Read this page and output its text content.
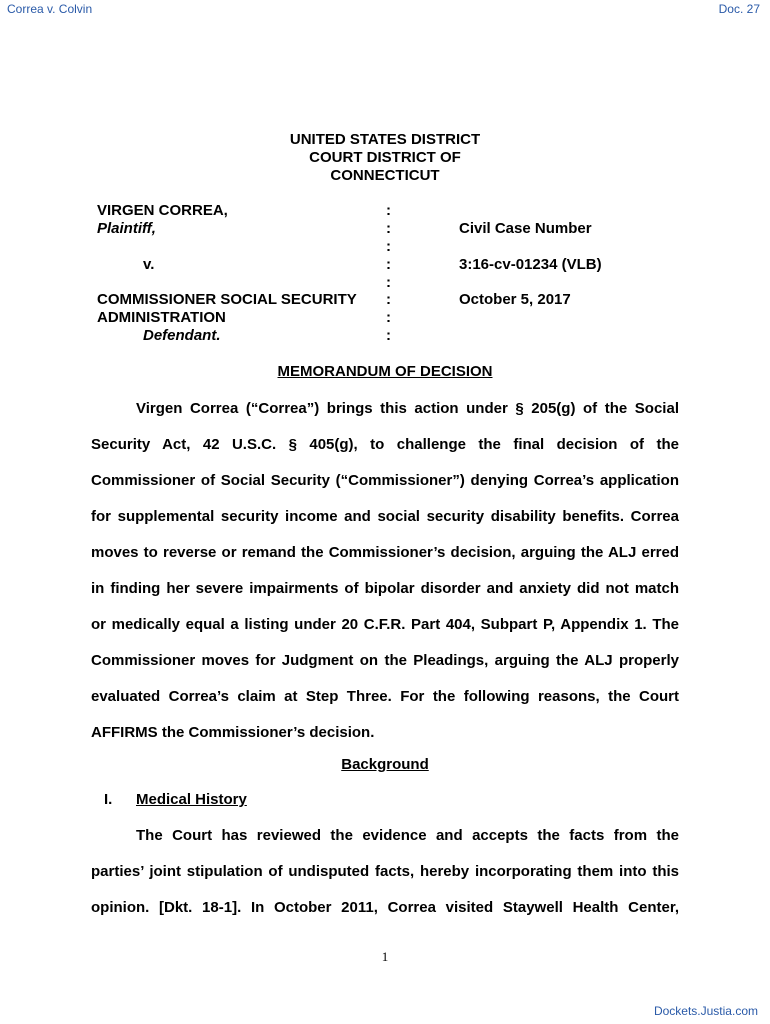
Correa v. Colvin	Doc. 27
UNITED STATES DISTRICT
COURT DISTRICT OF
CONNECTICUT
VIRGEN CORREA,
Plaintiff,
v.
COMMISSIONER SOCIAL SECURITY
ADMINISTRATION
Defendant.
:
:
:
:
:
:
:
:
Civil Case Number
3:16-cv-01234 (VLB)
October 5, 2017
MEMORANDUM OF DECISION
Virgen Correa (“Correa”) brings this action under § 205(g) of the Social
Security Act, 42 U.S.C. § 405(g), to challenge the final decision of the
Commissioner of Social Security (“Commissioner”) denying Correa’s application
for supplemental security income and social security disability benefits. Correa
moves to reverse or remand the Commissioner’s decision, arguing the ALJ erred
in finding her severe impairments of bipolar disorder and anxiety did not match
or medically equal a listing under 20 C.F.R. Part 404, Subpart P, Appendix 1. The
Commissioner moves for Judgment on the Pleadings, arguing the ALJ properly
evaluated Correa’s claim at Step Three. For the following reasons, the Court
AFFIRMS the Commissioner’s decision.
Background
I. Medical History
The Court has reviewed the evidence and accepts the facts from the
parties’ joint stipulation of undisputed facts, hereby incorporating them into this
opinion. [Dkt. 18-1]. In October 2011, Correa visited Staywell Health Center,
1
Dockets.Justia.com
